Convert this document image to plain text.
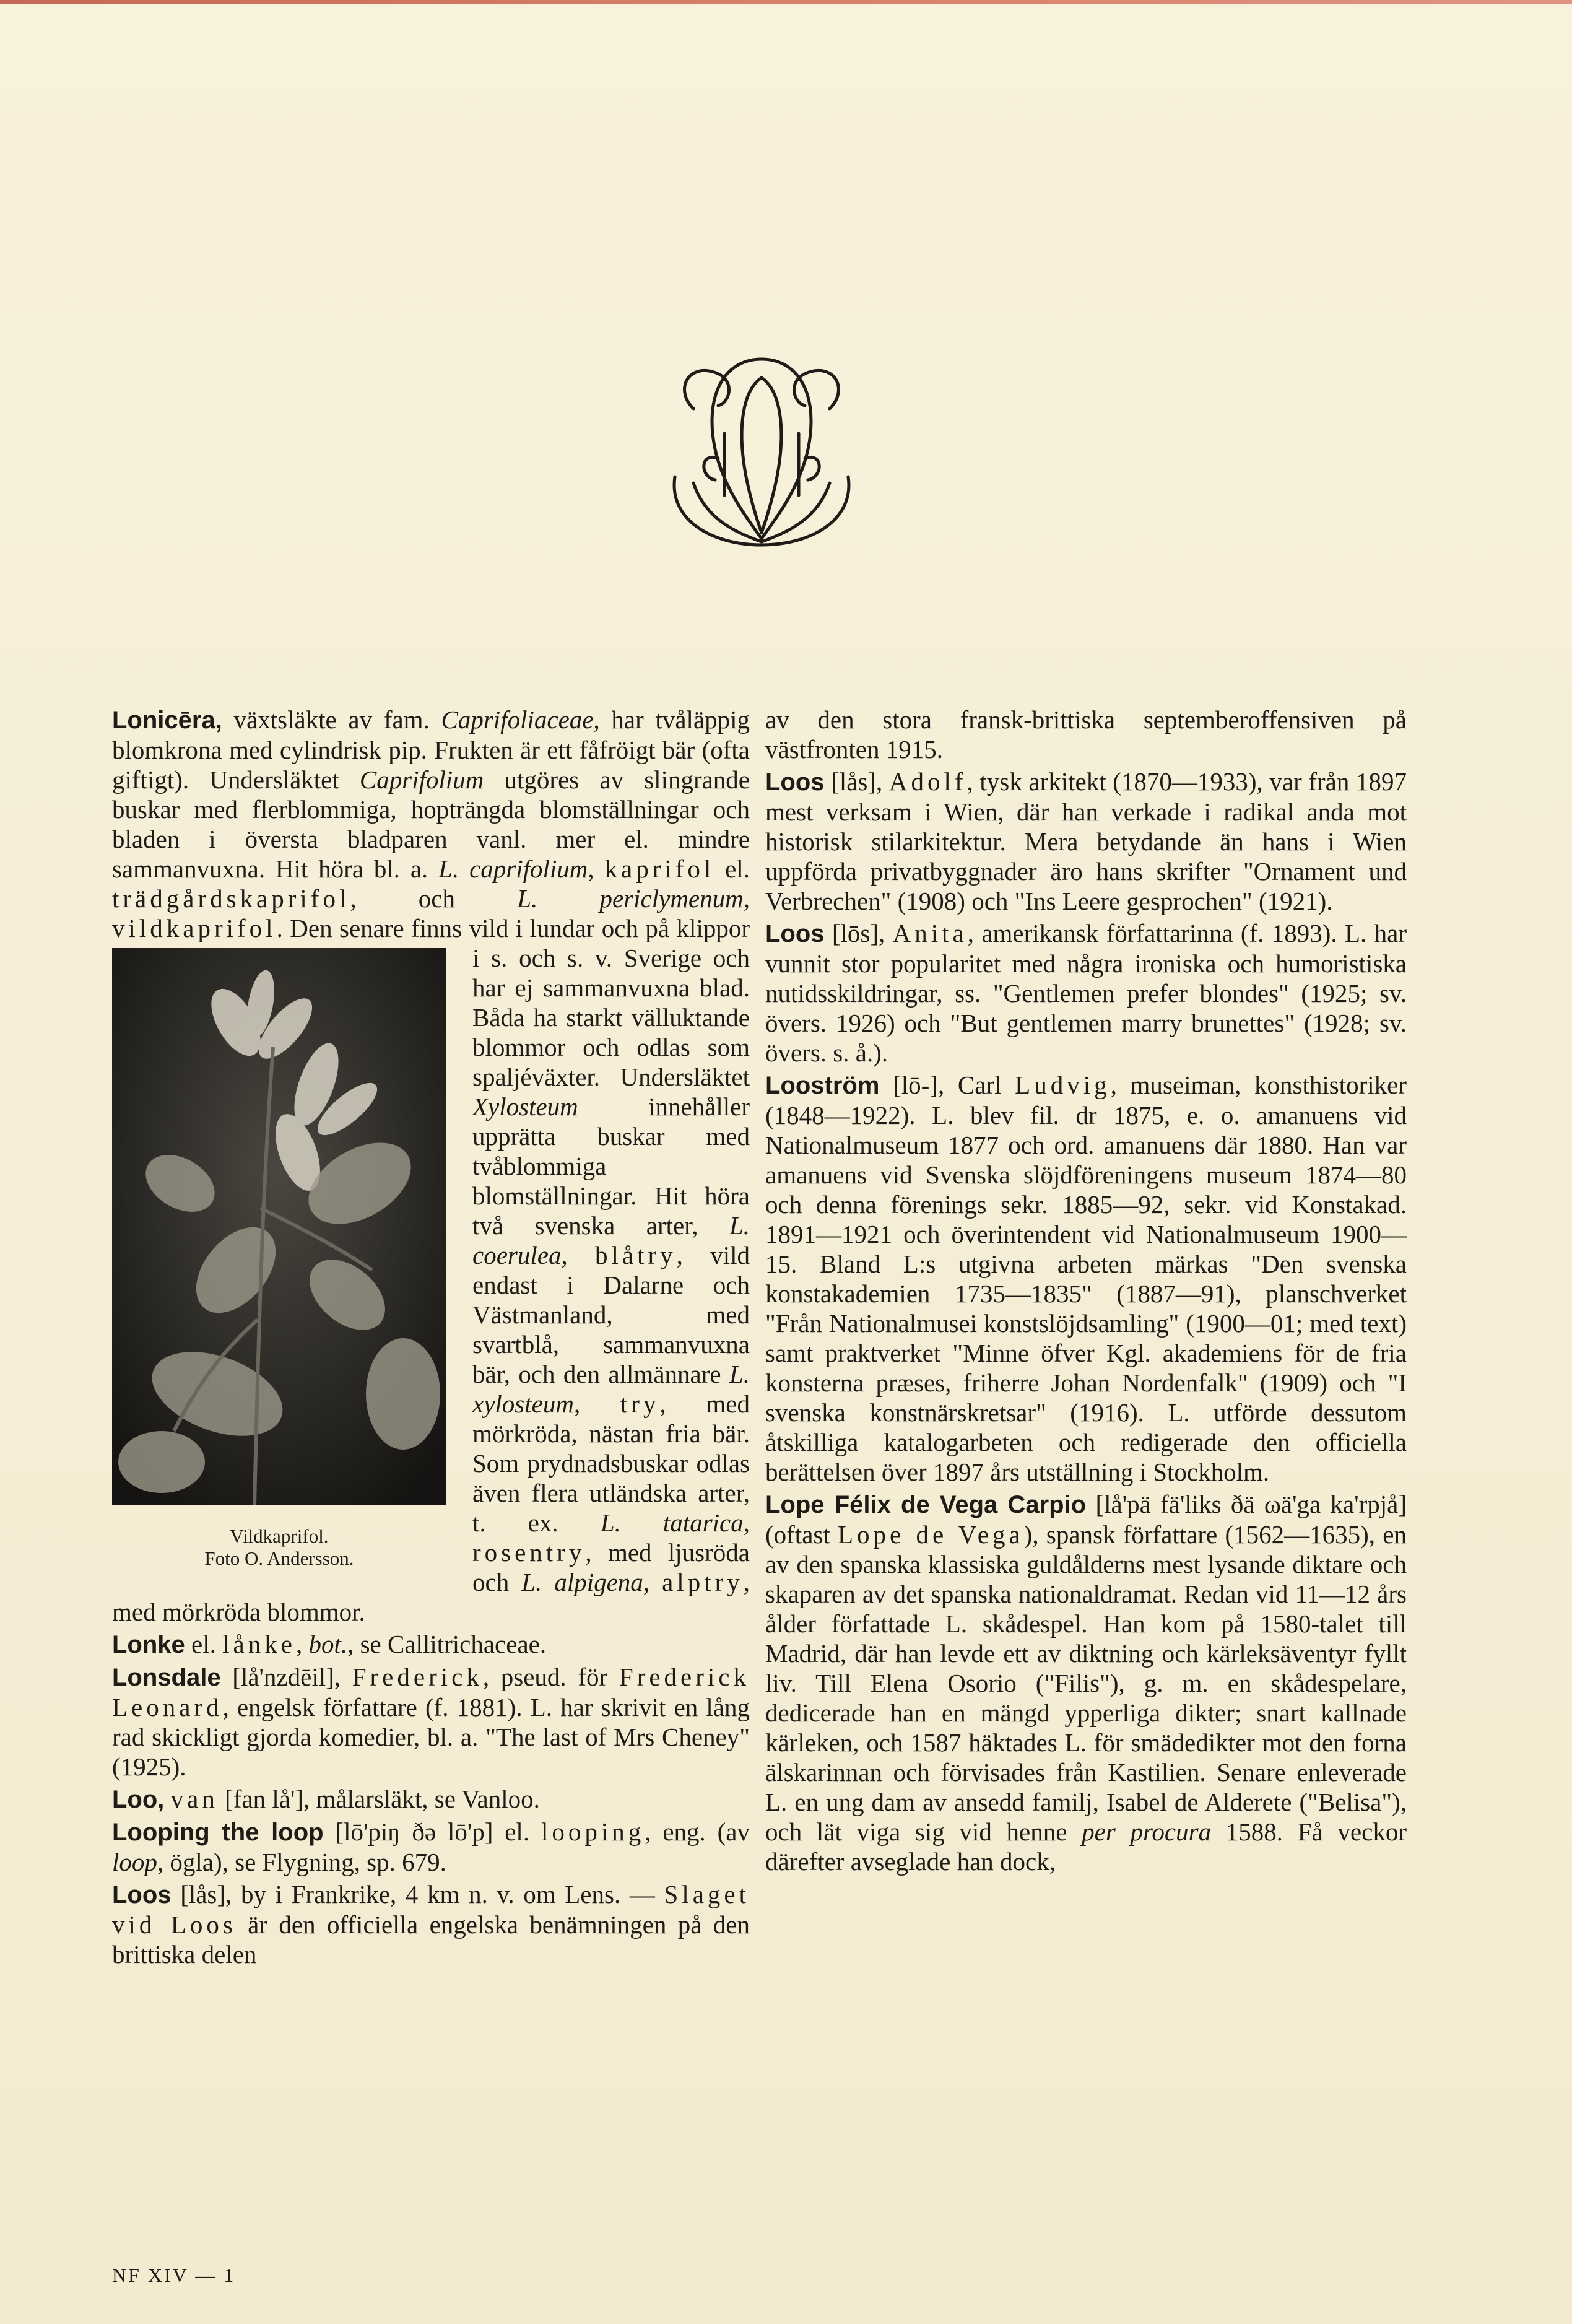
Lonicēra, växtsläkte av fam. Caprifoliaceae, har tvåläppig blomkrona med cylindrisk pip. Frukten är ett fåfröigt bär (ofta giftigt). Undersläktet Caprifolium utgöres av slingrande buskar med flerblommiga, hopträngda blomställningar och bladen i översta bladparen vanl. mer el. mindre sammanvuxna. Hit höra bl. a. L. caprifolium, kaprifol el. trädgårdskaprifol, och L. periclymenum, vildkaprifol. Den senare finns vild i lundar och på klippor i s. och s. v.
Vildkaprifol.
Foto O. Andersson.
Sverige och har ej sammanvuxna blad. Båda ha starkt välluktande blommor och odlas som spaljéväxter. Undersläktet Xylosteum innehåller upprätta buskar med tvåblommiga blomställningar. Hit höra två svenska arter, L. coerulea, blåtry, vild endast i Dalarne och Västmanland, med svartblå, sammanvuxna bär, och den allmännare L. xylosteum, try, med mörkröda, nästan fria bär. Som prydnadsbuskar odlas även flera utländska arter, t. ex. L. tatarica, rosentry, med ljusröda och L. alpigena, alptry, med mörkröda blommor.

Lonke el. lånke, bot., se Callitrichaceae.

Lonsdale [lå'nzdēil], Frederick, pseud. för Frederick Leonard, engelsk författare (f. 1881). L. har skrivit en lång rad skickligt gjorda komedier, bl. a. "The last of Mrs Cheney" (1925).

Loo, van [fan lå'], målarsläkt, se Vanloo.

Looping the loop [lō'piŋ ðə lō'p] el. looping, eng. (av loop, ögla), se Flygning, sp. 679.

Loos [lås], by i Frankrike, 4 km n. v. om Lens. — Slaget vid Loos är den officiella engelska benämningen på den brittiska delen

av den stora fransk-brittiska septemberoffensiven på västfronten 1915.

Loos [lås], Adolf, tysk arkitekt (1870—1933), var från 1897 mest verksam i Wien, där han verkade i radikal anda mot historisk stilarkitektur. Mera betydande än hans i Wien uppförda privatbyggnader äro hans skrifter "Ornament und Verbrechen" (1908) och "Ins Leere gesprochen" (1921).

Loos [lōs], Anita, amerikansk författarinna (f. 1893). L. har vunnit stor popularitet med några ironiska och humoristiska nutidsskildringar, ss. "Gentlemen prefer blondes" (1925; sv. övers. 1926) och "But gentlemen marry brunettes" (1928; sv. övers. s. å.).

Looström [lō-], Carl Ludvig, museiman, konsthistoriker (1848—1922). L. blev fil. dr 1875, e. o. amanuens vid Nationalmuseum 1877 och ord. amanuens där 1880. Han var amanuens vid Svenska slöjdföreningens museum 1874—80 och denna förenings sekr. 1885—92, sekr. vid Konstakad. 1891—1921 och överintendent vid Nationalmuseum 1900—15. Bland L:s utgivna arbeten märkas "Den svenska konstakademien 1735—1835" (1887—91), planschverket "Från Nationalmusei konstslöjdsamling" (1900—01; med text) samt praktverket "Minne öfver Kgl. akademiens för de fria konsterna præses, friherre Johan Nordenfalk" (1909) och "I svenska konstnärskretsar" (1916). L. utförde dessutom åtskilliga katalogarbeten och redigerade den officiella berättelsen över 1897 års utställning i Stockholm.

Lope Félix de Vega Carpio [lå'pä fä'liks ðä ωä'ga ka'rpjå] (oftast Lope de Vega), spansk författare (1562—1635), en av den spanska klassiska guldålderns mest lysande diktare och skaparen av det spanska nationaldramat. Redan vid 11—12 års ålder författade L. skådespel. Han kom på 1580-talet till Madrid, där han levde ett av diktning och kärleksäventyr fyllt liv. Till Elena Osorio ("Filis"), g. m. en skådespelare, dedicerade han en mängd ypperliga dikter; snart kallnade kärleken, och 1587 häktades L. för smädedikter mot den forna älskarinnan och förvisades från Kastilien. Senare enleverade L. en ung dam av ansedd familj, Isabel de Alderete ("Belisa"), och lät viga sig vid henne per procura 1588. Få veckor därefter avseglade han dock,

NF XIV — 1
